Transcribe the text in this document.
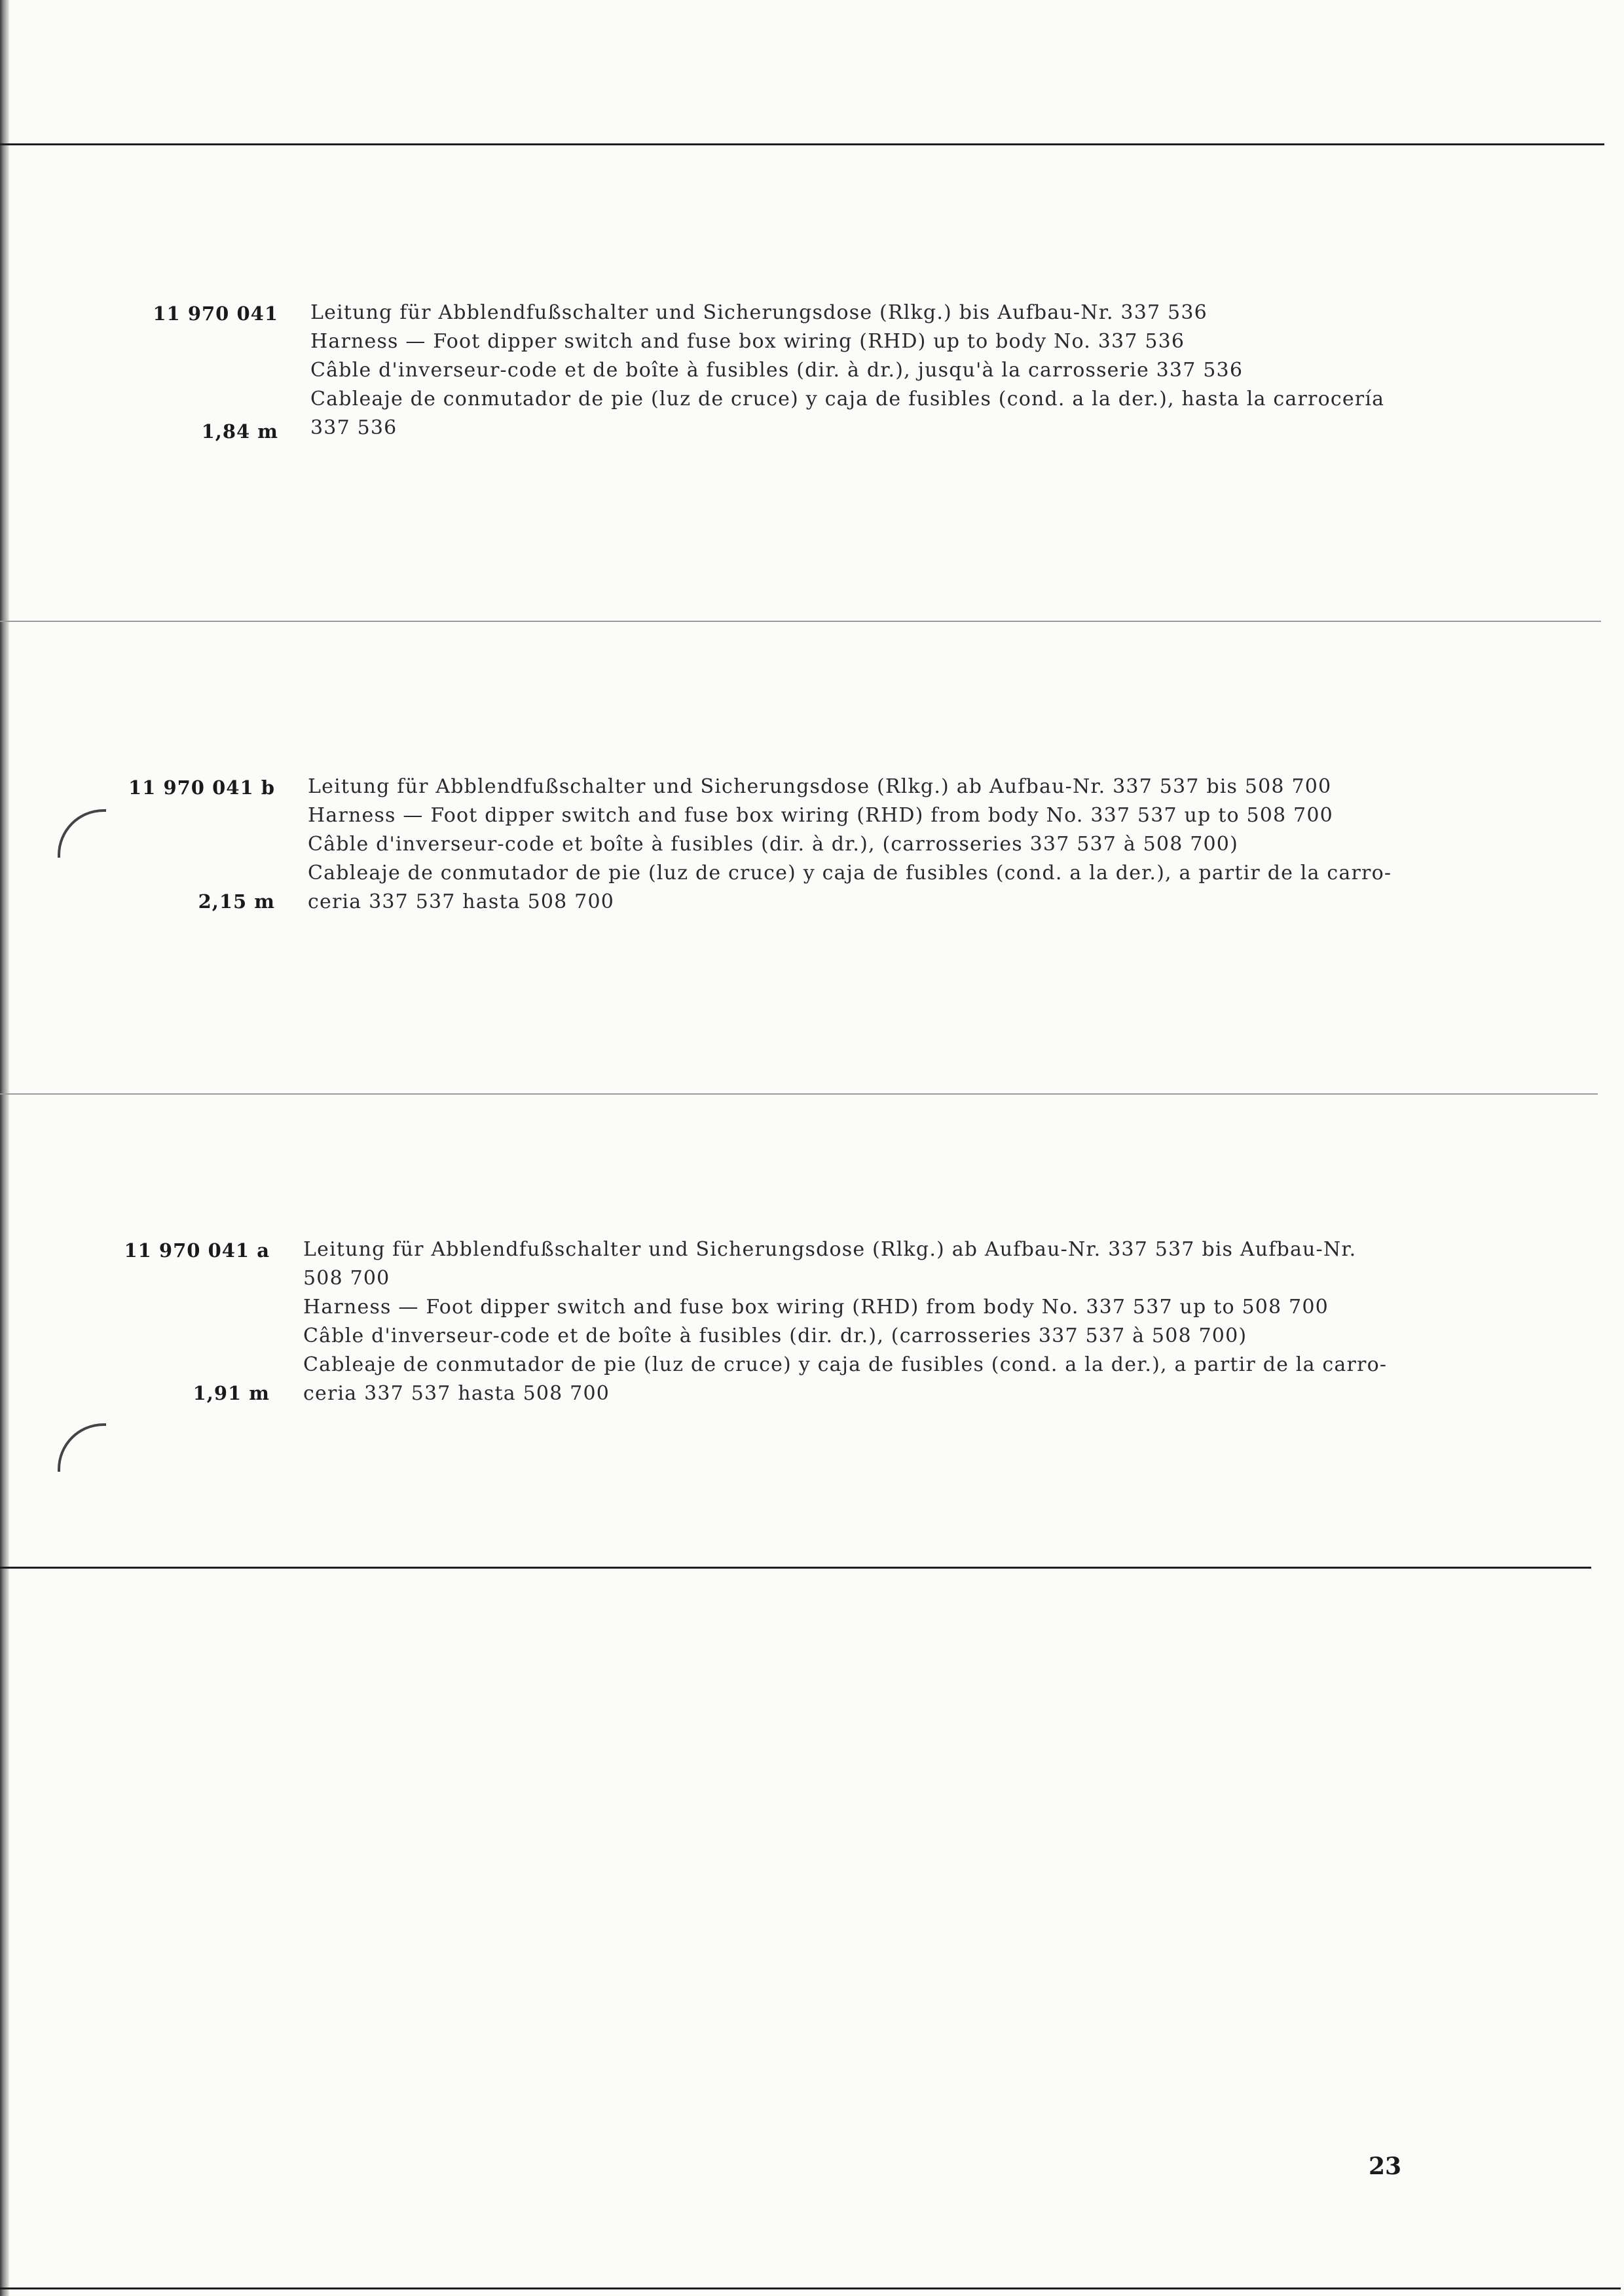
11 970 041
1,84 m
Leitung für Abblendfußschalter und Sicherungsdose (Rlkg.) bis Aufbau-Nr. 337 536
Harness — Foot dipper switch and fuse box wiring (RHD) up to body No. 337 536
Câble d'inverseur-code et de boîte à fusibles (dir. à dr.), jusqu'à la carrosserie 337 536
Cableaje de conmutador de pie (luz de cruce) y caja de fusibles (cond. a la der.), hasta la carrocería
337 536
11 970 041 b
2,15 m
Leitung für Abblendfußschalter und Sicherungsdose (Rlkg.) ab Aufbau-Nr. 337 537 bis 508 700
Harness — Foot dipper switch and fuse box wiring (RHD) from body No. 337 537 up to 508 700
Câble d'inverseur-code et boîte à fusibles (dir. à dr.), (carrosseries 337 537 à 508 700)
Cableaje de conmutador de pie (luz de cruce) y caja de fusibles (cond. a la der.), a partir de la carro-
ceria 337 537 hasta 508 700
11 970 041 a
1,91 m
Leitung für Abblendfußschalter und Sicherungsdose (Rlkg.) ab Aufbau-Nr. 337 537 bis Aufbau-Nr.
508 700
Harness — Foot dipper switch and fuse box wiring (RHD) from body No. 337 537 up to 508 700
Câble d'inverseur-code et de boîte à fusibles (dir. dr.), (carrosseries 337 537 à 508 700)
Cableaje de conmutador de pie (luz de cruce) y caja de fusibles (cond. a la der.), a partir de la carro-
ceria 337 537 hasta 508 700
23
